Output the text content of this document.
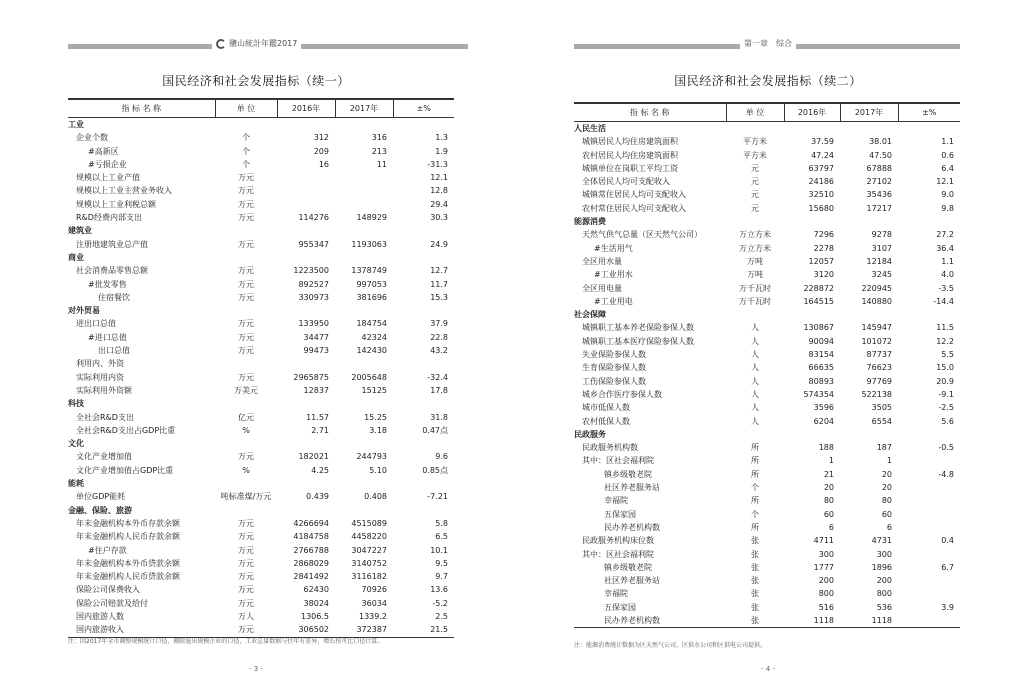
鹽山統計年鑑2017
国民经济和社会发展指标（续一）
指 标 名 称	单 位	2016年	2017年	±%
工业				
企业个数	个	312	316	1.3
#高新区	个	209	213	1.9
#亏损企业	个	16	11	-31.3
规模以上工业产值	万元			12.1
规模以上工业主营业务收入	万元			12.8
规模以上工业利税总额	万元			29.4
R&D经费内部支出	万元	114276	148929	30.3
建筑业				
注册地建筑业总产值	万元	955347	1193063	24.9
商业				
社会消费品零售总额	万元	1223500	1378749	12.7
#批发零售	万元	892527	997053	11.7
住宿餐饮	万元	330973	381696	15.3
对外贸易				
进出口总值	万元	133950	184754	37.9
#进口总值	万元	34477	42324	22.8
出口总值	万元	99473	142430	43.2
利用内、外资				
实际利用内资	万元	2965875	2005648	-32.4
实际利用外资额	万美元	12837	15125	17.8
科技				
全社会R&D支出	亿元	11.57	15.25	31.8
全社会R&D支出占GDP比重	%	2.71	3.18	0.47点
文化				
文化产业增加值	万元	182021	244793	9.6
文化产业增加值占GDP比重	%	4.25	5.10	0.85点
能耗				
单位GDP能耗	吨标准煤/万元	0.439	0.408	-7.21
金融、保险、旅游				
年末金融机构本外币存款余额	万元	4266694	4515089	5.8
年末金融机构人民币存款余额	万元	4184758	4458220	6.5
#住户存款	万元	2766788	3047227	10.1
年末金融机构本外币贷款余额	万元	2868029	3140752	9.5
年末金融机构人民币贷款余额	万元	2841492	3116182	9.7
保险公司保费收入	万元	62430	70926	13.6
保险公司赔款及给付	万元	38024	36034	-5.2
国内旅游人数	万人	1306.5	1339.2	2.5
国内旅游收入	万元	306502	372387	21.5
注：因2017年全市调整规模统计口径，剔除退出规模企业的口径，工业总量数据与往年有差异，增长按可比口径计算。
- 3 -
第一章　综合
国民经济和社会发展指标（续二）
指 标 名 称	单 位	2016年	2017年	±%
人民生活				
城镇居民人均住房建筑面积	平方米	37.59	38.01	1.1
农村居民人均住房建筑面积	平方米	47.24	47.50	0.6
城镇单位在岗职工平均工资	元	63797	67888	6.4
全体居民人均可支配收入	元	24186	27102	12.1
城镇常住居民人均可支配收入	元	32510	35436	9.0
农村常住居民人均可支配收入	元	15680	17217	9.8
能源消费				
天然气供气总量（区天然气公司）	万立方米	7296	9278	27.2
#生活用气	万立方米	2278	3107	36.4
全区用水量	万吨	12057	12184	1.1
#工业用水	万吨	3120	3245	4.0
全区用电量	万千瓦时	228872	220945	-3.5
#工业用电	万千瓦时	164515	140880	-14.4
社会保障				
城镇职工基本养老保险参保人数	人	130867	145947	11.5
城镇职工基本医疗保险参保人数	人	90094	101072	12.2
失业保险参保人数	人	83154	87737	5.5
生育保险参保人数	人	66635	76623	15.0
工伤保险参保人数	人	80893	97769	20.9
城乡合作医疗参保人数	人	574354	522138	-9.1
城市低保人数	人	3596	3505	-2.5
农村低保人数	人	6204	6554	5.6
民政服务				
民政服务机构数	所	188	187	-0.5
其中：区社会福利院	所	1	1	
镇乡级敬老院	所	21	20	-4.8
社区养老服务站	个	20	20	
幸福院	所	80	80	
五保家园	个	60	60	
民办养老机构数	所	6	6	
民政服务机构床位数	张	4711	4731	0.4
其中：区社会福利院	张	300	300	
镇乡级敬老院	张	1777	1896	6.7
社区养老服务站	张	200	200	
幸福院	张	800	800	
五保家园	张	516	536	3.9
民办养老机构数	张	1118	1118	
注：能源消费统计数据为区天然气公司、区供水公司和区供电公司提供。
- 4 -
